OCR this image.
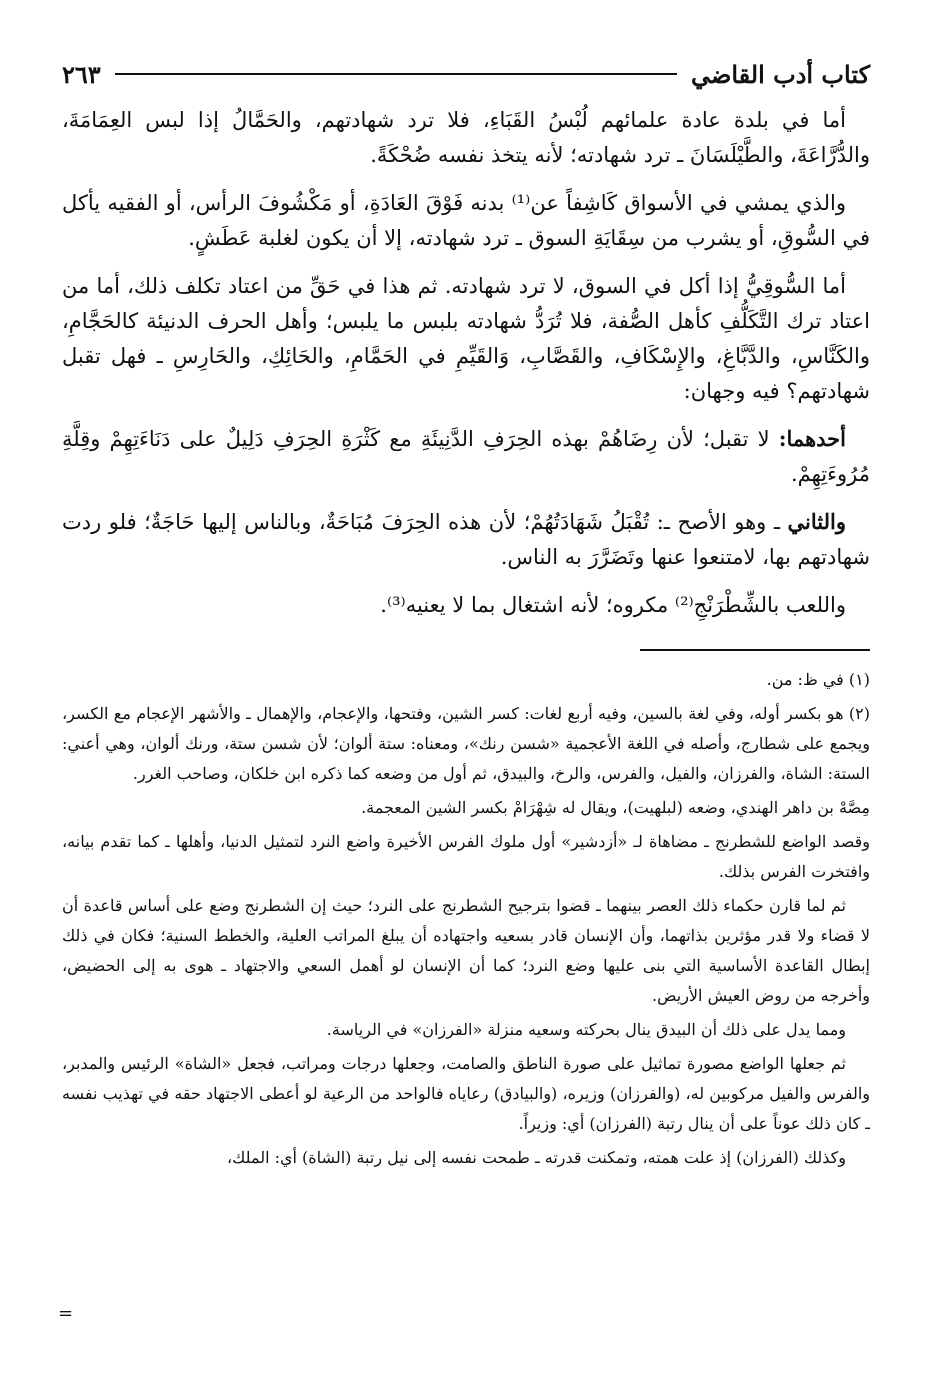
كتاب أدب القاضي
٢٦٣

أما في بلدة عادة علمائهم لُبْسُ القَبَاءِ، فلا ترد شهادتهم، والحَمَّالُ إذا لبس العِمَامَةَ، والدُّرَّاعَةَ، والطَّيْلَسَانَ ـ ترد شهادته؛ لأنه يتخذ نفسه ضُحْكَةً.

والذي يمشي في الأسواق كَاشِفاً عن⁽¹⁾ بدنه فَوْقَ العَادَةِ، أو مَكْشُوفَ الرأس، أو الفقيه يأكل في السُّوقِ، أو يشرب من سِقَايَةِ السوق ـ ترد شهادته، إلا أن يكون لغلبة عَطَشٍ.

أما السُّوقِيُّ إذا أكل في السوق، لا ترد شهادته. ثم هذا في حَقِّ من اعتاد تكلف ذلك، أما من اعتاد ترك التَّكَلُّفِ كأهل الصُّفة، فلا تُرَدُّ شهادته بلبس ما يلبس؛ وأهل الحرف الدنيئة كالحَجَّامِ، والكَنَّاسِ، والدَّبَّاغِ، والإِسْكَافِ، والقَصَّابِ، وَالقَيِّمِ في الحَمَّامِ، والحَائِكِ، والحَارِسِ ـ فهل تقبل شهادتهم؟ فيه وجهان:

أحدهما: لا تقبل؛ لأن رِضَاهُمْ بهذه الحِرَفِ الدَّنِيئَةِ مع كَثْرَةِ الحِرَفِ دَلِيلٌ على دَنَاءَتِهِمْ وقِلَّةِ مُرُوءَتِهِمْ.

والثاني ـ وهو الأصح ـ: تُقْبَلُ شَهَادَتُهُمْ؛ لأن هذه الحِرَفَ مُبَاحَةٌ، وبالناس إليها حَاجَةٌ؛ فلو ردت شهادتهم بها، لامتنعوا عنها وتَضَرَّرَ به الناس.

واللعب بالشِّطْرَنْجِ⁽²⁾ مكروه؛ لأنه اشتغال بما لا يعنيه⁽³⁾.

(١) في ظ: من.

(٢) هو بكسر أوله، وفي لغة بالسين، وفيه أربع لغات: كسر الشين، وفتحها، والإعجام، والإهمال ـ والأشهر الإعجام مع الكسر، ويجمع على شطارج، وأصله في اللغة الأعجمية «شسن رنك»، ومعناه: ستة ألوان؛ لأن شسن ستة، ورنك ألوان، وهي أعني: الستة: الشاة، والفرزان، والفيل، والفرس، والرخ، والبيدق، ثم أول من وضعه كما ذكره ابن خلكان، وصاحب الغرر.

مِصَّهْ بن داهر الهندي، وضعه (لبلهيت)، ويقال له شِهْرَامْ بكسر الشين المعجمة.

وقصد الواضع للشطرنج ـ مضاهاة لـ «أزدشير» أول ملوك الفرس الأخيرة واضع النرد لتمثيل الدنيا، وأهلها ـ كما تقدم بيانه، وافتخرت الفرس بذلك.

ثم لما قارن حكماء ذلك العصر بينهما ـ قضوا بترجيح الشطرنج على النرد؛ حيث إن الشطرنج وضع على أساس قاعدة أن لا قضاء ولا قدر مؤثرين بذاتهما، وأن الإنسان قادر بسعيه واجتهاده أن يبلغ المراتب العلية، والخطط السنية؛ فكان في ذلك إبطال القاعدة الأساسية التي بنى عليها وضع النرد؛ كما أن الإنسان لو أهمل السعي والاجتهاد ـ هوى به إلى الحضيض، وأخرجه من روض العيش الأريض.

ومما يدل على ذلك أن البيدق ينال بحركته وسعيه منزلة «الفرزان» في الرياسة.

ثم جعلها الواضع مصورة تماثيل على صورة الناطق والصامت، وجعلها درجات ومراتب، فجعل «الشاة» الرئيس والمدبر، والفرس والفيل مركوبين له، (والفرزان) وزيره، (والبيادق) رعاياه فالواحد من الرعية لو أعطى الاجتهاد حقه في تهذيب نفسه ـ كان ذلك عوناً على أن ينال رتبة (الفرزان) أي: وزيراً.

وكذلك (الفرزان) إذ علت همته، وتمكنت قدرته ـ طمحت نفسه إلى نيل رتبة (الشاة) أي: الملك،

=
